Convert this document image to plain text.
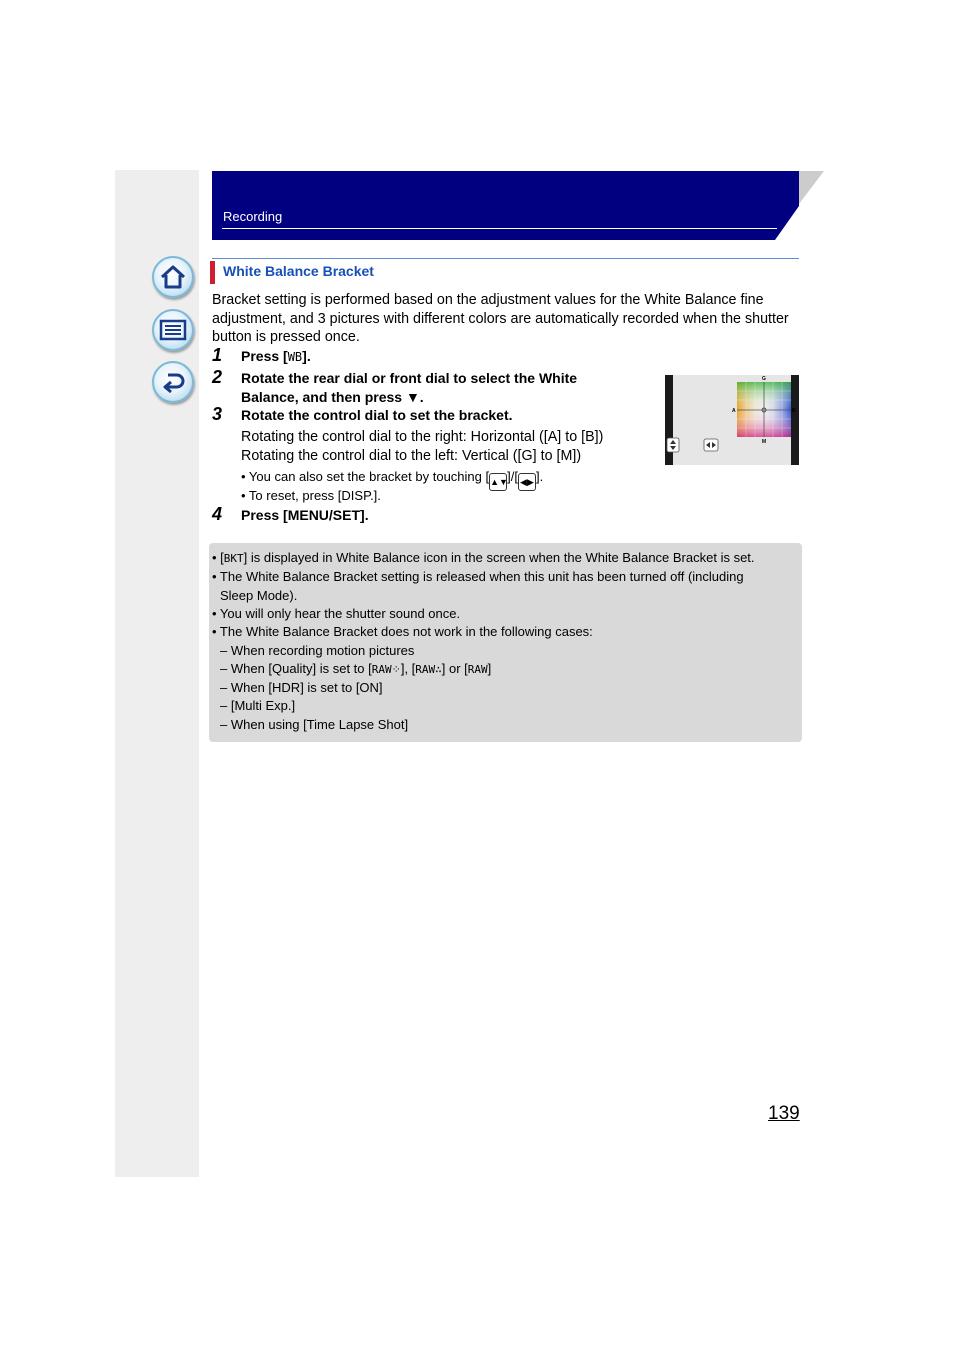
Recording
White Balance Bracket
Bracket setting is performed based on the adjustment values for the White Balance fine adjustment, and 3 pictures with different colors are automatically recorded when the shutter button is pressed once.
1 Press [WB].
2 Rotate the rear dial or front dial to select the White
Balance, and then press ▼.
3 Rotate the control dial to set the bracket.
Rotating the control dial to the right: Horizontal ([A] to [B])
Rotating the control dial to the left: Vertical ([G] to [M])
• You can also set the bracket by touching [▲▼]/[ ◀▶ ].
• To reset, press [DISP.].
4 Press [MENU/SET].
G
M
A	B
• [BKT] is displayed in White Balance icon in the screen when the White Balance Bracket is set.
• The White Balance Bracket setting is released when this unit has been turned off (including
Sleep Mode).
• You will only hear the shutter sound once.
• The White Balance Bracket does not work in the following cases:
– When recording motion pictures
– When [Quality] is set to [RAW⁘], [RAW⁠∴] or [RAW]
– When [HDR] is set to [ON]
– [Multi Exp.]
– When using [Time Lapse Shot]
139
